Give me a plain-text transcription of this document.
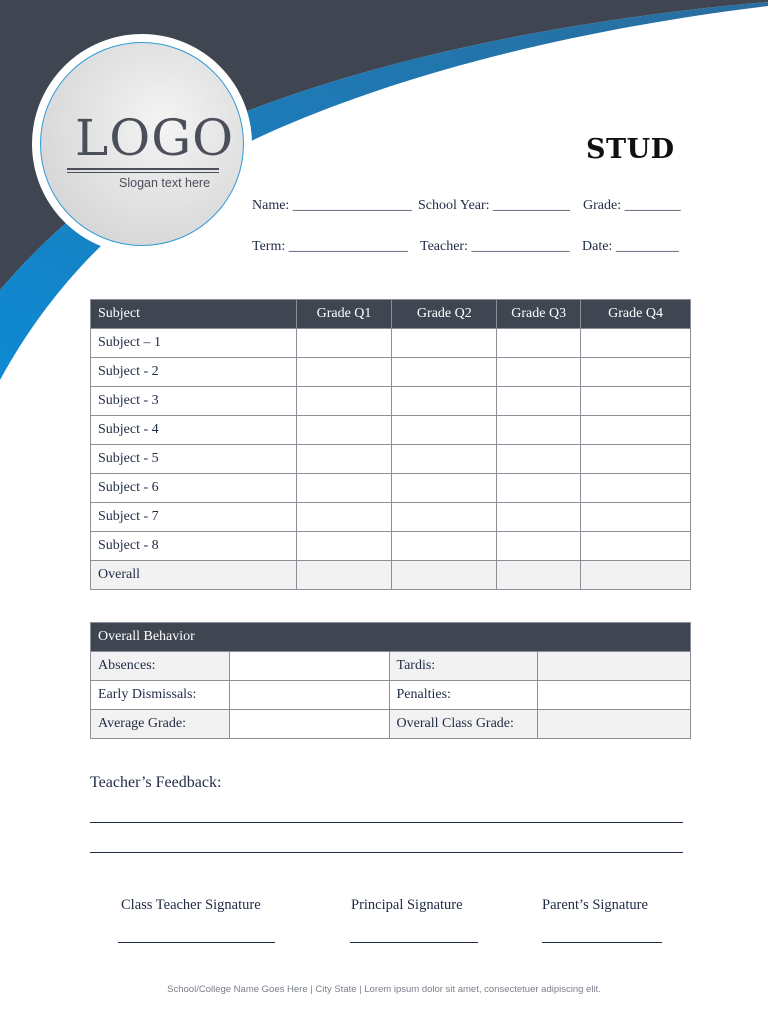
LOGO
Slogan text here
STUD
Name: _________________ School Year: ___________ Grade: ________
Term: _________________ Teacher: ______________ Date: _________
Subject	Grade Q1	Grade Q2	Grade Q3	Grade Q4
Subject – 1				
Subject - 2				
Subject - 3				
Subject - 4				
Subject - 5				
Subject - 6				
Subject - 7				
Subject - 8				
Overall				
Overall Behavior			
Absences:		Tardis:	
Early Dismissals:		Penalties:	
Average Grade:		Overall Class Grade:	
Teacher’s Feedback:
Class Teacher Signature	Principal Signature	Parent’s Signature
School/College Name Goes Here | City State | Lorem ipsum dolor sit amet, consectetuer adipiscing elit.
